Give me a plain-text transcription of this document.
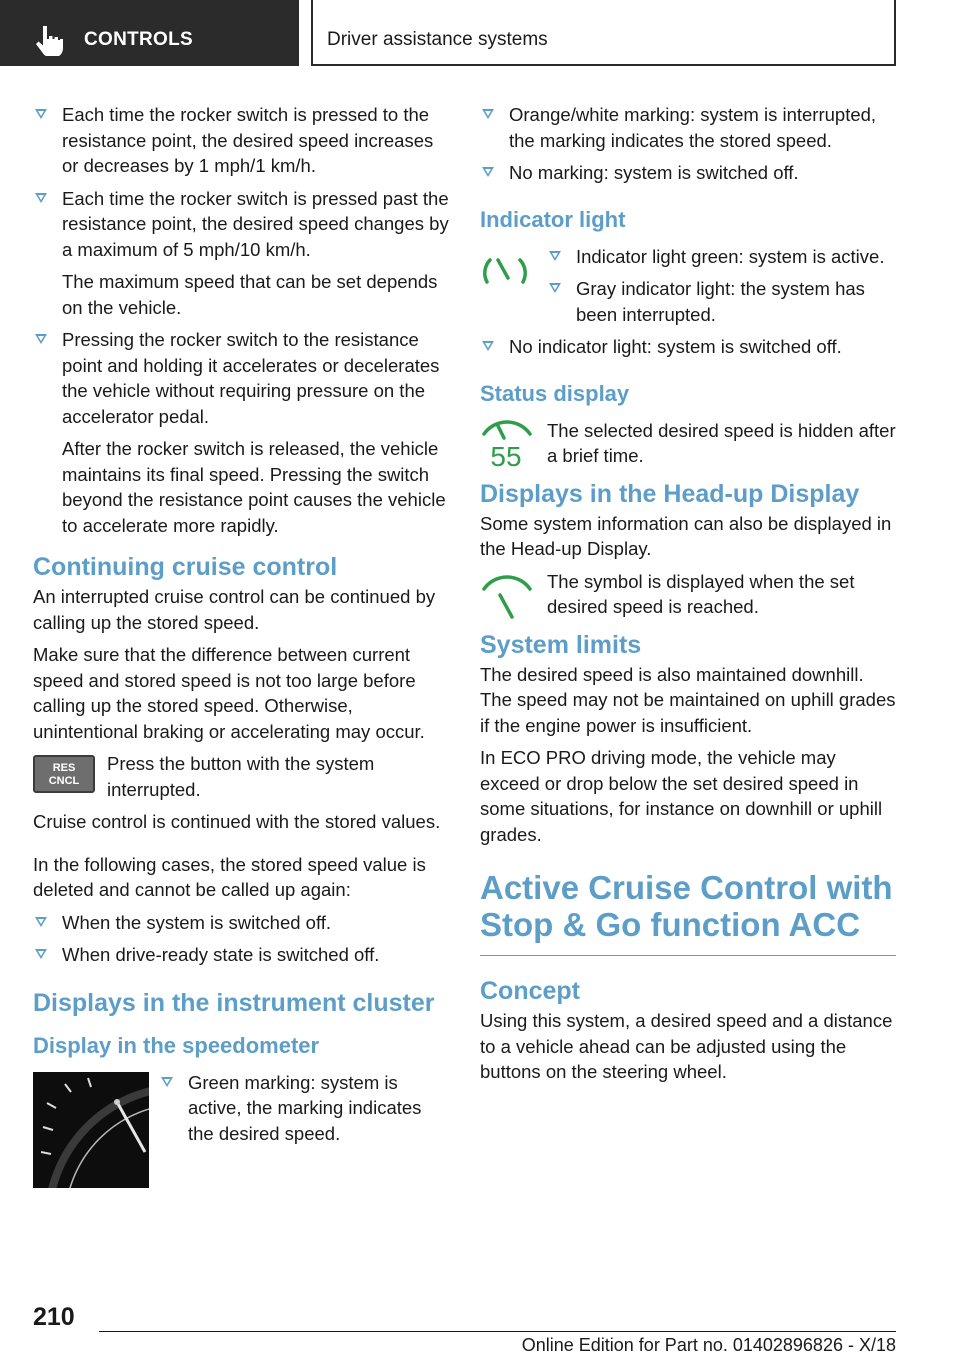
CONTROLS	Driver assistance systems
Each time the rocker switch is pressed to the resistance point, the desired speed increases or decreases by 1 mph/1 km/h.
Each time the rocker switch is pressed past the resistance point, the desired speed changes by a maximum of 5 mph/10 km/h.
The maximum speed that can be set depends on the vehicle.
Pressing the rocker switch to the resistance point and holding it accelerates or decelerates the vehicle without requiring pressure on the accelerator pedal.
After the rocker switch is released, the vehicle maintains its final speed. Pressing the switch beyond the resistance point causes the vehicle to accelerate more rapidly.
Continuing cruise control
An interrupted cruise control can be continued by calling up the stored speed.
Make sure that the difference between current speed and stored speed is not too large before calling up the stored speed. Otherwise, unintentional braking or accelerating may occur.
RES
CNCL
Press the button with the system interrupted.
Cruise control is continued with the stored values.
In the following cases, the stored speed value is deleted and cannot be called up again:
When the system is switched off.
When drive-ready state is switched off.
Displays in the instrument cluster
Display in the speedometer
Green marking: system is active, the marking indicates the desired speed.
Orange/white marking: system is interrupted, the marking indicates the stored speed.
No marking: system is switched off.
Indicator light
Indicator light green: system is active.
Gray indicator light: the system has been interrupted.
No indicator light: system is switched off.
Status display
55
The selected desired speed is hidden after a brief time.
Displays in the Head-up Display
Some system information can also be displayed in the Head-up Display.
The symbol is displayed when the set desired speed is reached.
System limits
The desired speed is also maintained downhill. The speed may not be maintained on uphill grades if the engine power is insufficient.
In ECO PRO driving mode, the vehicle may exceed or drop below the set desired speed in some situations, for instance on downhill or uphill grades.
Active Cruise Control with Stop & Go function ACC
Concept
Using this system, a desired speed and a distance to a vehicle ahead can be adjusted using the buttons on the steering wheel.
210
Online Edition for Part no. 01402896826 - X/18
